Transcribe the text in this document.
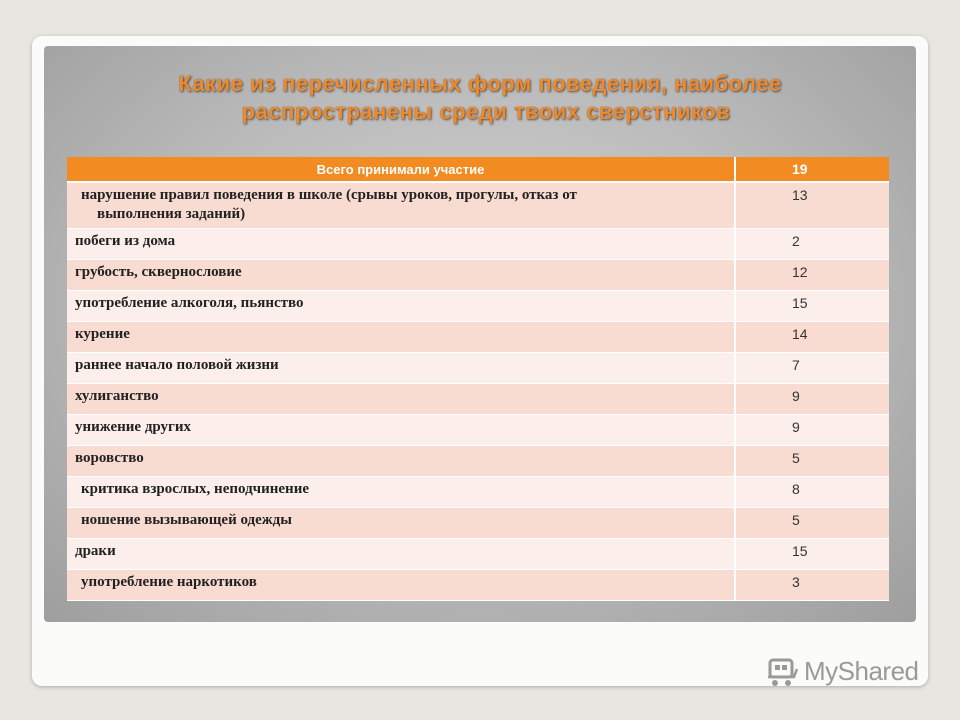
Какие из перечисленных форм поведения, наиболее
распространены среди твоих сверстников
Всего принимали участие	19
нарушение правил поведения в школе (срывы уроков, прогулы, отказ от
выполнения заданий)	13
побеги из дома	2
грубость, сквернословие	12
употребление алкоголя, пьянство	15
курение	14
раннее начало половой жизни	7
хулиганство	9
унижение других	9
воровство	5
критика взрослых, неподчинение	8
ношение вызывающей одежды	5
драки	15
употребление наркотиков	3
MyShared
